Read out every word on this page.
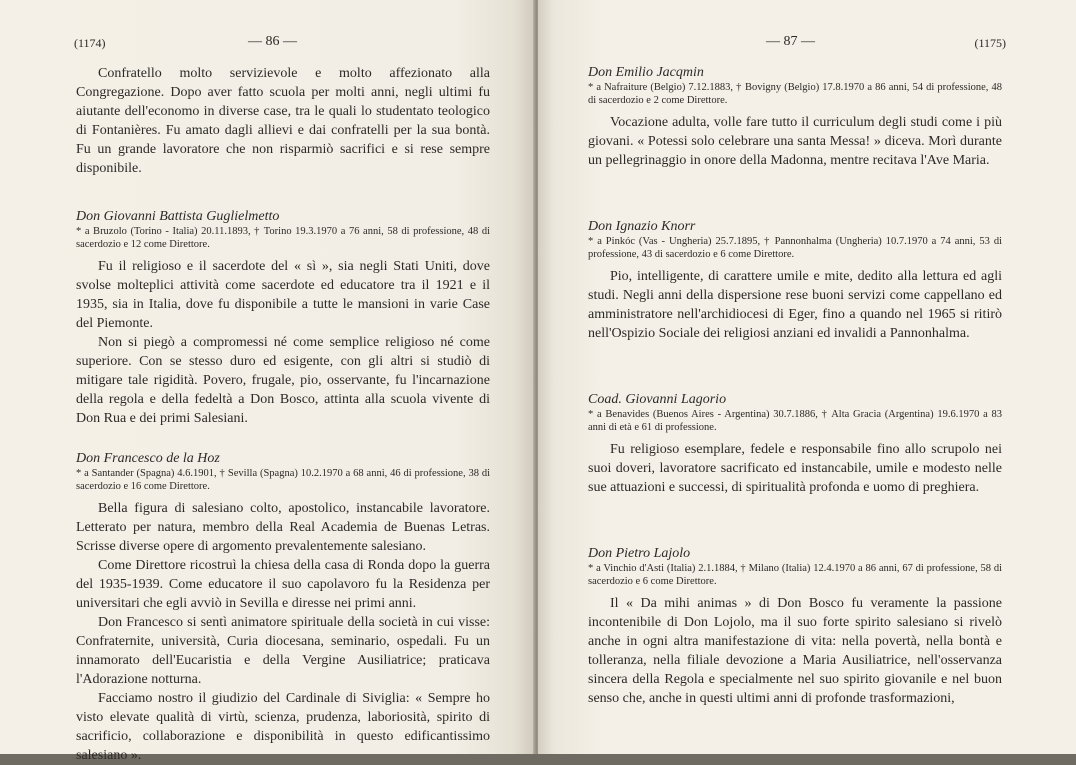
(1174)	— 86 —

Confratello molto servizievole e molto affezionato alla Congregazione. Dopo aver fatto scuola per molti anni, negli ultimi fu aiutante dell'economo in diverse case, tra le quali lo studentato teologico di Fontanières. Fu amato dagli allievi e dai confratelli per la sua bontà. Fu un grande lavoratore che non risparmiò sacrifici e si rese sempre disponibile.

Don Giovanni Battista Guglielmetto

* a Bruzolo (Torino - Italia) 20.11.1893, † Torino 19.3.1970 a 76 anni, 58 di professione, 48 di sacerdozio e 12 come Direttore.

Fu il religioso e il sacerdote del « sì », sia negli Stati Uniti, dove svolse molteplici attività come sacerdote ed educatore tra il 1921 e il 1935, sia in Italia, dove fu disponibile a tutte le mansioni in varie Case del Piemonte.

Non si piegò a compromessi né come semplice religioso né come superiore. Con se stesso duro ed esigente, con gli altri si studiò di mitigare tale rigidità. Povero, frugale, pio, osservante, fu l'incarnazione della regola e della fedeltà a Don Bosco, attinta alla scuola vivente di Don Rua e dei primi Salesiani.

Don Francesco de la Hoz

* a Santander (Spagna) 4.6.1901, † Sevilla (Spagna) 10.2.1970 a 68 anni, 46 di professione, 38 di sacerdozio e 16 come Direttore.

Bella figura di salesiano colto, apostolico, instancabile lavoratore. Letterato per natura, membro della Real Academia de Buenas Letras. Scrisse diverse opere di argomento prevalentemente salesiano.

Come Direttore ricostruì la chiesa della casa di Ronda dopo la guerra del 1935-1939. Come educatore il suo capolavoro fu la Residenza per universitari che egli avviò in Sevilla e diresse nei primi anni.

Don Francesco si sentì animatore spirituale della società in cui visse: Confraternite, università, Curia diocesana, seminario, ospedali. Fu un innamorato dell'Eucaristia e della Vergine Ausiliatrice; praticava l'Adorazione notturna.

Facciamo nostro il giudizio del Cardinale di Siviglia: « Sempre ho visto elevate qualità di virtù, scienza, prudenza, laboriosità, spirito di sacrificio, collaborazione e disponibilità in questo edificantissimo salesiano ».

— 87 —	(1175)

Don Emilio Jacqmin

* a Nafraiture (Belgio) 7.12.1883, † Bovigny (Belgio) 17.8.1970 a 86 anni, 54 di professione, 48 di sacerdozio e 2 come Direttore.

Vocazione adulta, volle fare tutto il curriculum degli studi come i più giovani. « Potessi solo celebrare una santa Messa! » diceva. Morì durante un pellegrinaggio in onore della Madonna, mentre recitava l'Ave Maria.

Don Ignazio Knorr

* a Pinkóc (Vas - Ungheria) 25.7.1895, † Pannonhalma (Ungheria) 10.7.1970 a 74 anni, 53 di professione, 43 di sacerdozio e 6 come Direttore.

Pio, intelligente, di carattere umile e mite, dedito alla lettura ed agli studi. Negli anni della dispersione rese buoni servizi come cappellano ed amministratore nell'archidiocesi di Eger, fino a quando nel 1965 si ritirò nell'Ospizio Sociale dei religiosi anziani ed invalidi a Pannonhalma.

Coad. Giovanni Lagorio

* a Benavides (Buenos Aires - Argentina) 30.7.1886, † Alta Gracia (Argentina) 19.6.1970 a 83 anni di età e 61 di professione.

Fu religioso esemplare, fedele e responsabile fino allo scrupolo nei suoi doveri, lavoratore sacrificato ed instancabile, umile e modesto nelle sue attuazioni e successi, di spiritualità profonda e uomo di preghiera.

Don Pietro Lajolo

* a Vinchio d'Asti (Italia) 2.1.1884, † Milano (Italia) 12.4.1970 a 86 anni, 67 di professione, 58 di sacerdozio e 6 come Direttore.

Il « Da mihi animas » di Don Bosco fu veramente la passione incontenibile di Don Lojolo, ma il suo forte spirito salesiano si rivelò anche in ogni altra manifestazione di vita: nella povertà, nella bontà e tolleranza, nella filiale devozione a Maria Ausiliatrice, nell'osservanza sincera della Regola e specialmente nel suo spirito giovanile e nel buon senso che, anche in questi ultimi anni di profonde trasformazioni,
